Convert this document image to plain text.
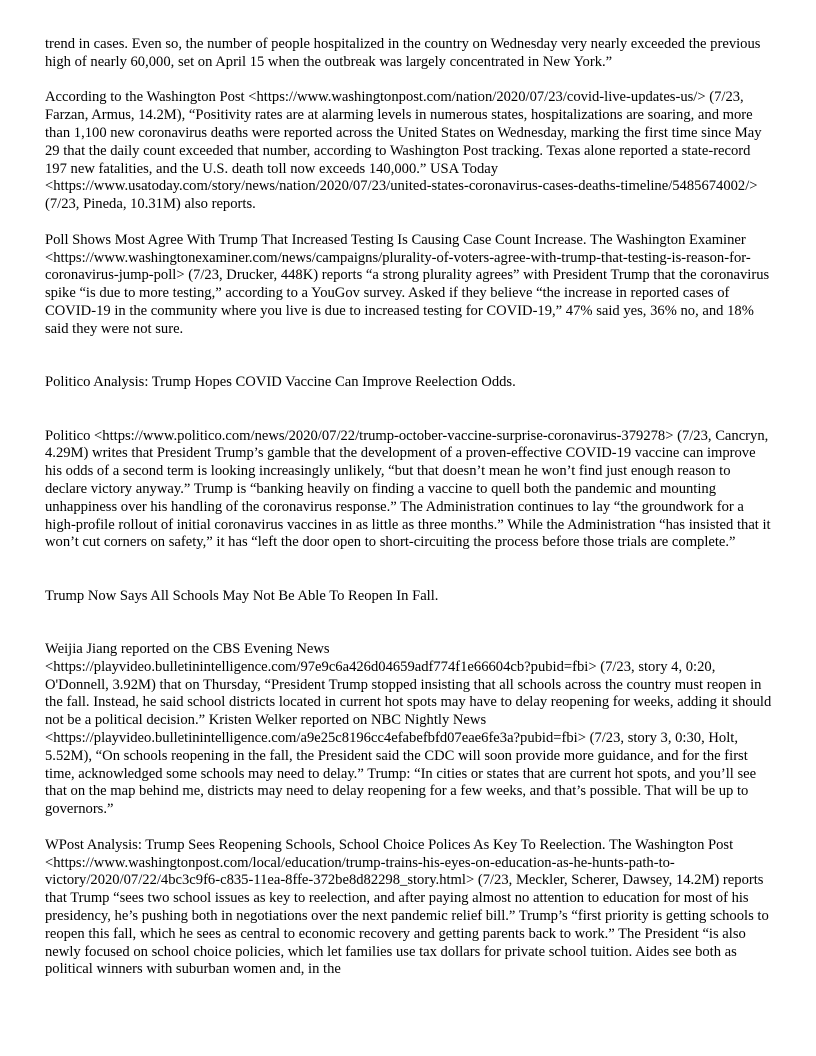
trend in cases. Even so, the number of people hospitalized in the country on Wednesday very nearly exceeded the previous high of nearly 60,000, set on April 15 when the outbreak was largely concentrated in New York.”

According to the Washington Post <https://www.washingtonpost.com/nation/2020/07/23/covid-live-updates-us/> (7/23, Farzan, Armus, 14.2M), “Positivity rates are at alarming levels in numerous states, hospitalizations are soaring, and more than 1,100 new coronavirus deaths were reported across the United States on Wednesday, marking the first time since May 29 that the daily count exceeded that number, according to Washington Post tracking. Texas alone reported a state-record 197 new fatalities, and the U.S. death toll now exceeds 140,000.” USA Today <https://www.usatoday.com/story/news/nation/2020/07/23/united-states-coronavirus-cases-deaths-timeline/5485674002/> (7/23, Pineda, 10.31M) also reports.

Poll Shows Most Agree With Trump That Increased Testing Is Causing Case Count Increase. The Washington Examiner <https://www.washingtonexaminer.com/news/campaigns/plurality-of-voters-agree-with-trump-that-testing-is-reason-for-coronavirus-jump-poll> (7/23, Drucker, 448K) reports “a strong plurality agrees” with President Trump that the coronavirus spike “is due to more testing,” according to a YouGov survey. Asked if they believe “the increase in reported cases of COVID-19 in the community where you live is due to increased testing for COVID-19,” 47% said yes, 36% no, and 18% said they were not sure.

Politico Analysis: Trump Hopes COVID Vaccine Can Improve Reelection Odds.

Politico <https://www.politico.com/news/2020/07/22/trump-october-vaccine-surprise-coronavirus-379278> (7/23, Cancryn, 4.29M) writes that President Trump’s gamble that the development of a proven-effective COVID-19 vaccine can improve his odds of a second term is looking increasingly unlikely, “but that doesn’t mean he won’t find just enough reason to declare victory anyway.” Trump is “banking heavily on finding a vaccine to quell both the pandemic and mounting unhappiness over his handling of the coronavirus response.” The Administration continues to lay “the groundwork for a high-profile rollout of initial coronavirus vaccines in as little as three months.” While the Administration “has insisted that it won’t cut corners on safety,” it has “left the door open to short-circuiting the process before those trials are complete.”

Trump Now Says All Schools May Not Be Able To Reopen In Fall.

Weijia Jiang reported on the CBS Evening News <https://playvideo.bulletinintelligence.com/97e9c6a426d04659adf774f1e66604cb?pubid=fbi> (7/23, story 4, 0:20, O'Donnell, 3.92M) that on Thursday, “President Trump stopped insisting that all schools across the country must reopen in the fall. Instead, he said school districts located in current hot spots may have to delay reopening for weeks, adding it should not be a political decision.” Kristen Welker reported on NBC Nightly News <https://playvideo.bulletinintelligence.com/a9e25c8196cc4efabefbfd07eae6fe3a?pubid=fbi> (7/23, story 3, 0:30, Holt, 5.52M), “On schools reopening in the fall, the President said the CDC will soon provide more guidance, and for the first time, acknowledged some schools may need to delay.” Trump: “In cities or states that are current hot spots, and you’ll see that on the map behind me, districts may need to delay reopening for a few weeks, and that’s possible. That will be up to governors.”

WPost Analysis: Trump Sees Reopening Schools, School Choice Polices As Key To Reelection. The Washington Post <https://www.washingtonpost.com/local/education/trump-trains-his-eyes-on-education-as-he-hunts-path-to-victory/2020/07/22/4bc3c9f6-c835-11ea-8ffe-372be8d82298_story.html> (7/23, Meckler, Scherer, Dawsey, 14.2M) reports that Trump “sees two school issues as key to reelection, and after paying almost no attention to education for most of his presidency, he’s pushing both in negotiations over the next pandemic relief bill.” Trump’s “first priority is getting schools to reopen this fall, which he sees as central to economic recovery and getting parents back to work.” The President “is also newly focused on school choice policies, which let families use tax dollars for private school tuition. Aides see both as political winners with suburban women and, in the
